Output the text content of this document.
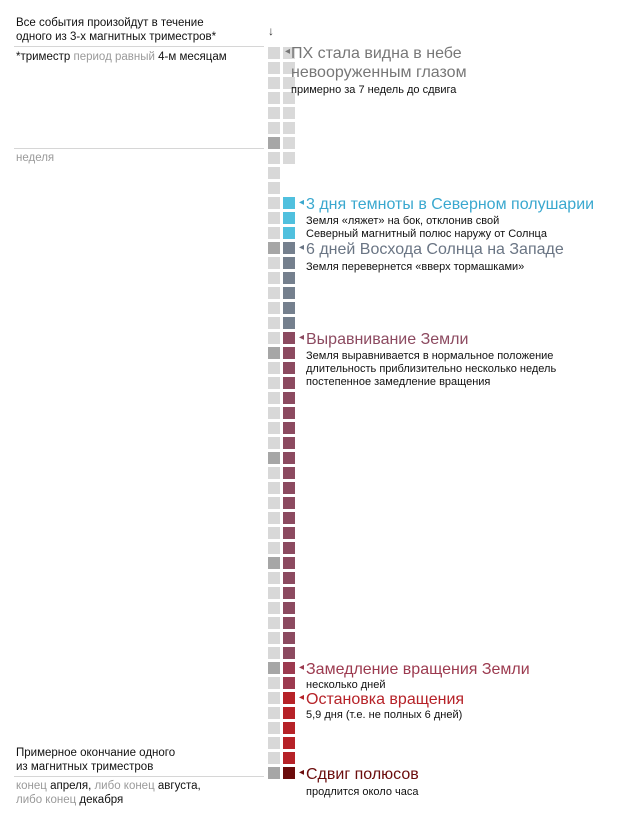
Все события произойдут в течение
одного из 3-х магнитных триместров*	↓
*триместр период равный 4-м месяцам
неделя
Примерное окончание одного
из магнитных триместров
конец апреля, либо конец августа,
либо конец декабря
◂ ПХ стала видна в небе
невооруженным глазом
примерно за 7 недель до сдвига
◂ 3 дня темноты в Северном полушарии
Земля «ляжет» на бок, отклонив свой
Северный магнитный полюс наружу от Солнца
◂ 6 дней Восхода Солнца на Западе
Земля перевернется «вверх тормашками»
◂ Выравнивание Земли
Земля выравнивается в нормальное положение
длительность приблизительно несколько недель
постепенное замедление вращения
◂ Замедление вращения Земли
несколько дней
◂ Остановка вращения
5,9 дня (т.е. не полных 6 дней)
◂ Сдвиг полюсов
продлится около часа
